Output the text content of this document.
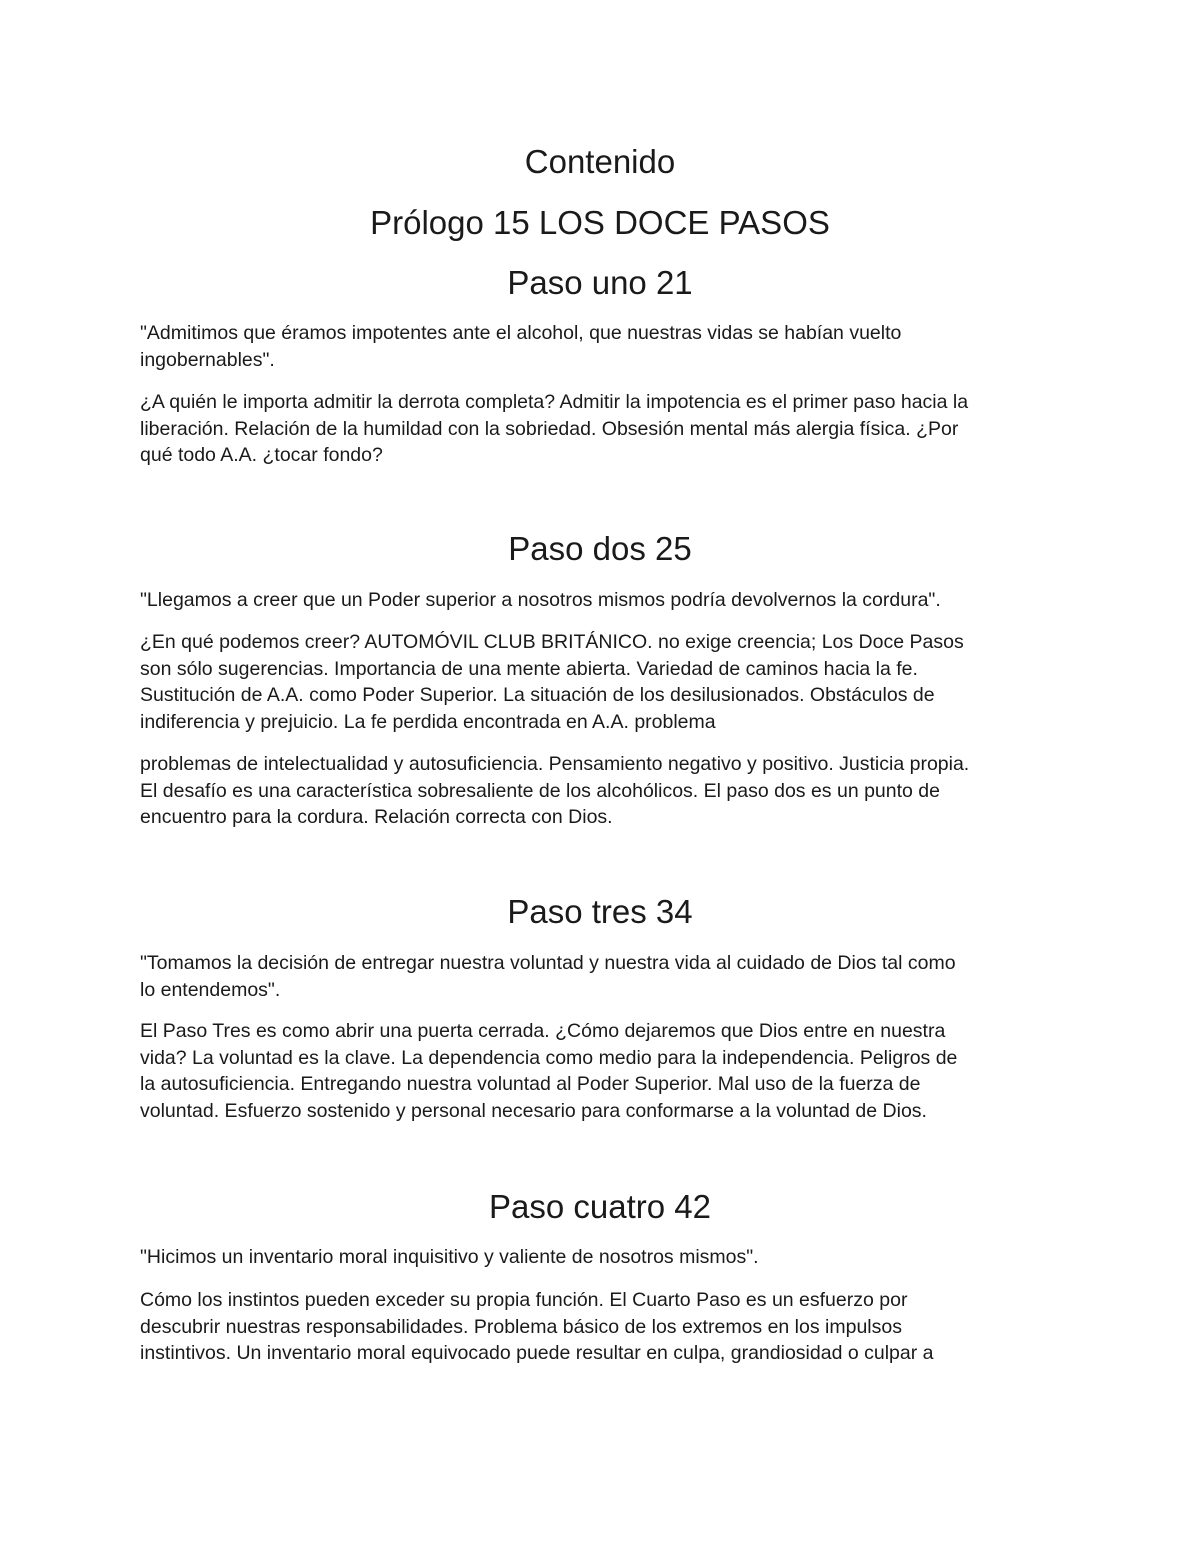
Contenido
Prólogo 15 LOS DOCE PASOS
Paso uno 21

"Admitimos que éramos impotentes ante el alcohol, que nuestras vidas se habían vuelto
ingobernables".

¿A quién le importa admitir la derrota completa? Admitir la impotencia es el primer paso hacia la
liberación. Relación de la humildad con la sobriedad. Obsesión mental más alergia física. ¿Por
qué todo A.A. ¿tocar fondo?

Paso dos 25

"Llegamos a creer que un Poder superior a nosotros mismos podría devolvernos la cordura".

¿En qué podemos creer? AUTOMÓVIL CLUB BRITÁNICO. no exige creencia; Los Doce Pasos
son sólo sugerencias. Importancia de una mente abierta. Variedad de caminos hacia la fe.
Sustitución de A.A. como Poder Superior. La situación de los desilusionados. Obstáculos de
indiferencia y prejuicio. La fe perdida encontrada en A.A. problema

problemas de intelectualidad y autosuficiencia. Pensamiento negativo y positivo. Justicia propia.
El desafío es una característica sobresaliente de los alcohólicos. El paso dos es un punto de
encuentro para la cordura. Relación correcta con Dios.

Paso tres 34

"Tomamos la decisión de entregar nuestra voluntad y nuestra vida al cuidado de Dios tal como
lo entendemos".

El Paso Tres es como abrir una puerta cerrada. ¿Cómo dejaremos que Dios entre en nuestra
vida? La voluntad es la clave. La dependencia como medio para la independencia. Peligros de
la autosuficiencia. Entregando nuestra voluntad al Poder Superior. Mal uso de la fuerza de
voluntad. Esfuerzo sostenido y personal necesario para conformarse a la voluntad de Dios.

Paso cuatro 42

"Hicimos un inventario moral inquisitivo y valiente de nosotros mismos".

Cómo los instintos pueden exceder su propia función. El Cuarto Paso es un esfuerzo por
descubrir nuestras responsabilidades. Problema básico de los extremos en los impulsos
instintivos. Un inventario moral equivocado puede resultar en culpa, grandiosidad o culpar a
